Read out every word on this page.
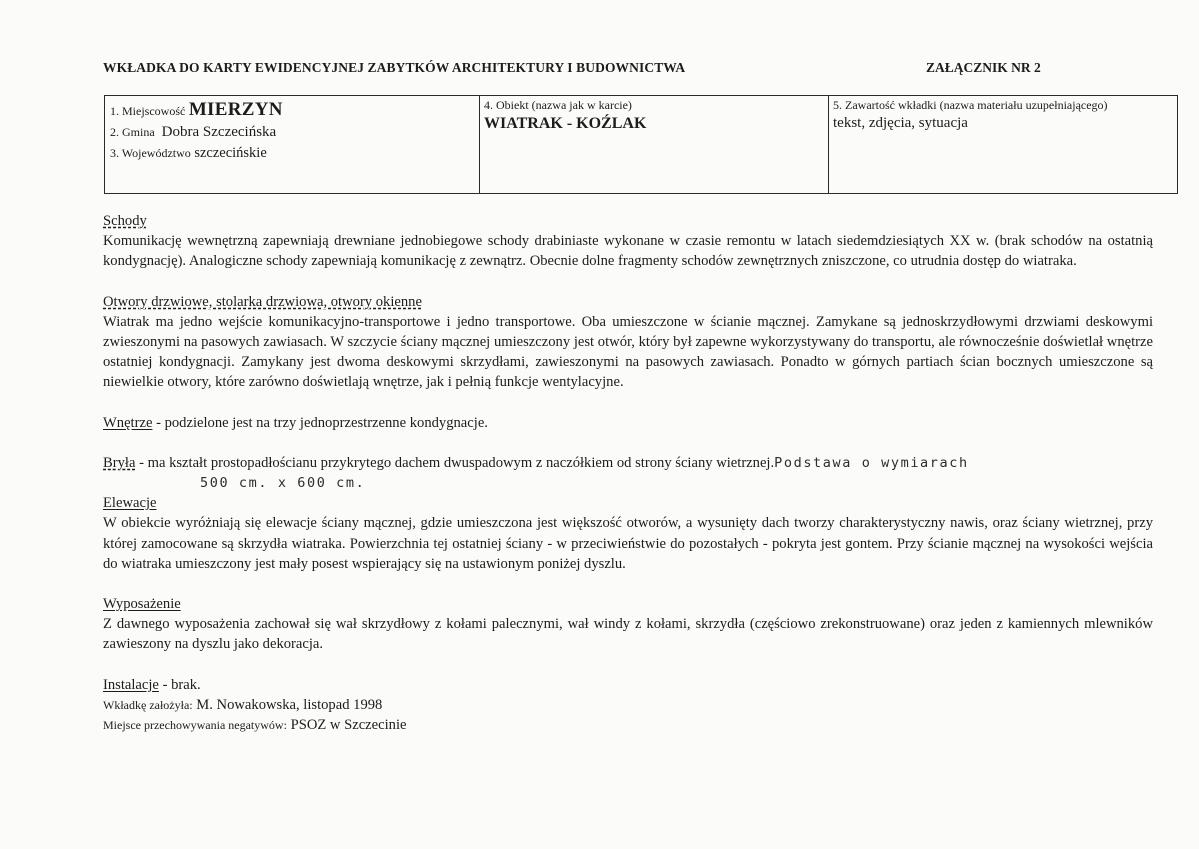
WKŁADKA DO KARTY EWIDENCYJNEJ ZABYTKÓW ARCHITEKTURY I BUDOWNICTWA	ZAŁĄCZNIK NR 2
1. Miejscowość MIERZYN
2. Gmina Dobra Szczecińska
3. Województwo szczecińskie
4. Obiekt (nazwa jak w karcie)
WIATRAK - KOŹLAK
5. Zawartość wkładki (nazwa materiału uzupełniającego)
tekst, zdjęcia, sytuacja
Schody

Komunikację wewnętrzną zapewniają drewniane jednobiegowe schody drabiniaste wykonane w czasie remontu w latach siedemdziesiątych XX w. (brak schodów na ostatnią kondygnację). Analogiczne schody zapewniają komunikację z zewnątrz. Obecnie dolne fragmenty schodów zewnętrznych zniszczone, co utrudnia dostęp do wiatraka.

Otwory drzwiowe, stolarka drzwiowa, otwory okienne

Wiatrak ma jedno wejście komunikacyjno-transportowe i jedno transportowe. Oba umieszczone w ścianie mącznej. Zamykane są jednoskrzydłowymi drzwiami deskowymi zwieszonymi na pasowych zawiasach. W szczycie ściany mącznej umieszczony jest otwór, który był zapewne wykorzystywany do transportu, ale równocześnie doświetlał wnętrze ostatniej kondygnacji. Zamykany jest dwoma deskowymi skrzydłami, zawieszonymi na pasowych zawiasach. Ponadto w górnych partiach ścian bocznych umieszczone są niewielkie otwory, które zarówno doświetlają wnętrze, jak i pełnią funkcje wentylacyjne.

Wnętrze - podzielone jest na trzy jednoprzestrzenne kondygnacje.
Bryła - ma kształt prostopadłościanu przykrytego dachem dwuspadowym z naczółkiem od strony ściany wietrznej.Podstawa o wymiarach
500 cm. x 600 cm.
Elewacje

W obiekcie wyróżniają się elewacje ściany mącznej, gdzie umieszczona jest większość otworów, a wysunięty dach tworzy charakterystyczny nawis, oraz ściany wietrznej, przy której zamocowane są skrzydła wiatraka. Powierzchnia tej ostatniej ściany - w przeciwieństwie do pozostałych - pokryta jest gontem. Przy ścianie mącznej na wysokości wejścia do wiatraka umieszczony jest mały posest wspierający się na ustawionym poniżej dyszlu.

Wyposażenie

Z dawnego wyposażenia zachował się wał skrzydłowy z kołami palecznymi, wał windy z kołami, skrzydła (częściowo zrekonstruowane) oraz jeden z kamiennych mlewników zawieszony na dyszlu jako dekoracja.

Instalacje - brak.
Wkładkę założyła: M. Nowakowska, listopad 1998
Miejsce przechowywania negatywów: PSOZ w Szczecinie
